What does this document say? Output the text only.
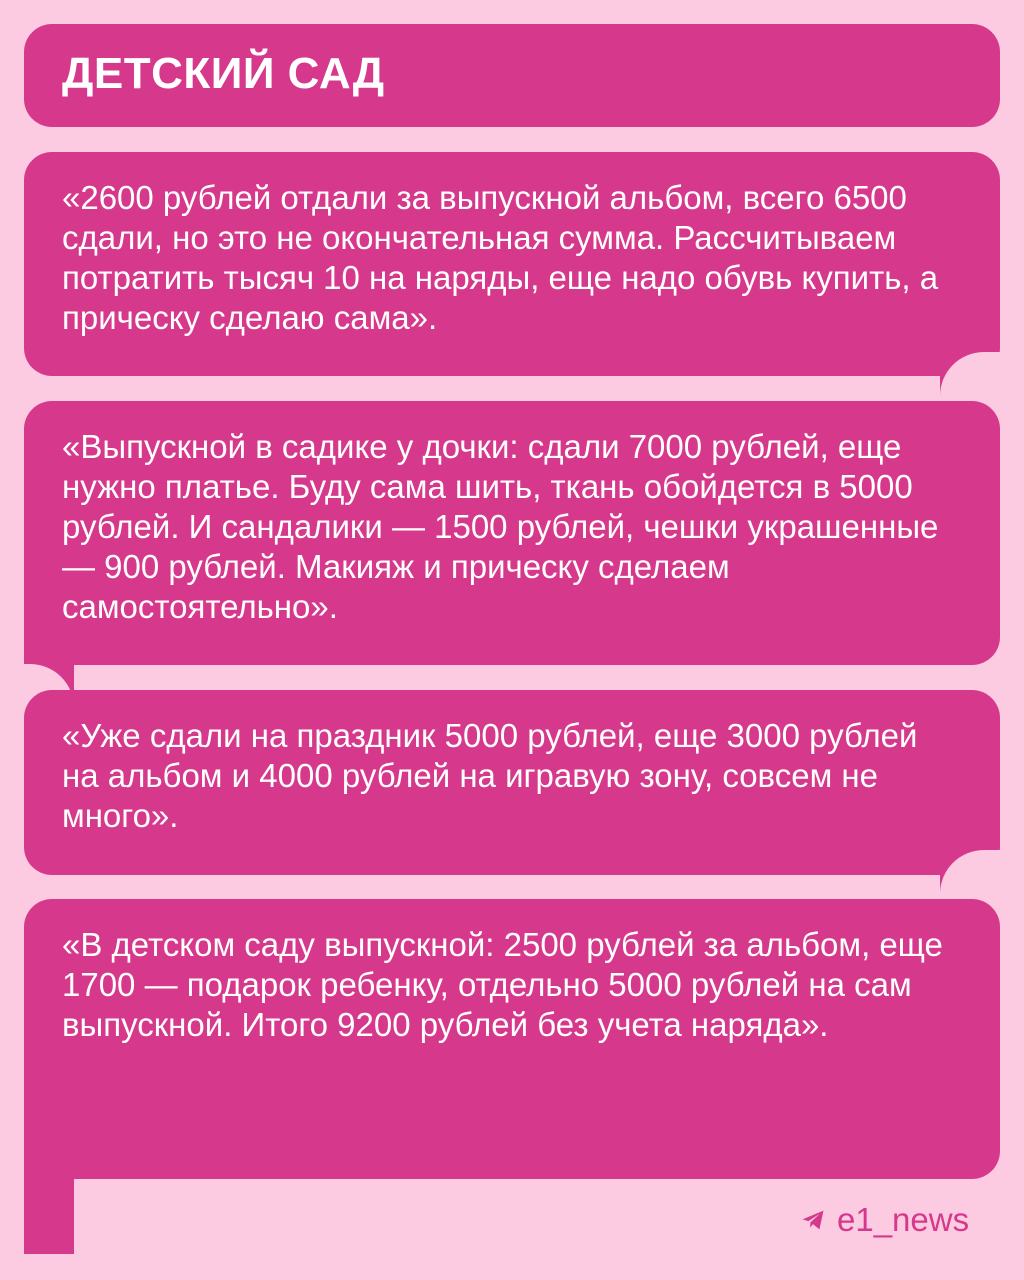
ДЕТСКИЙ САД
«2600 рублей отдали за выпускной альбом, всего 6500 сдали, но это не окончательная сумма. Рассчитываем потратить тысяч 10 на наряды, еще надо обувь купить, а прическу сделаю сама».
«Выпускной в садике у дочки: сдали 7000 рублей, еще нужно платье. Буду сама шить, ткань обойдется в 5000 рублей. И сандалики — 1500 рублей, чешки украшенные — 900 рублей. Макияж и прическу сделаем самостоятельно».
«Уже сдали на праздник 5000 рублей, еще 3000 рублей на альбом и 4000 рублей на игравую зону, совсем не много».
«В детском саду выпускной: 2500 рублей за альбом, еще 1700 — подарок ребенку, отдельно 5000 рублей на сам выпускной. Итого 9200 рублей без учета наряда».
e1_news
